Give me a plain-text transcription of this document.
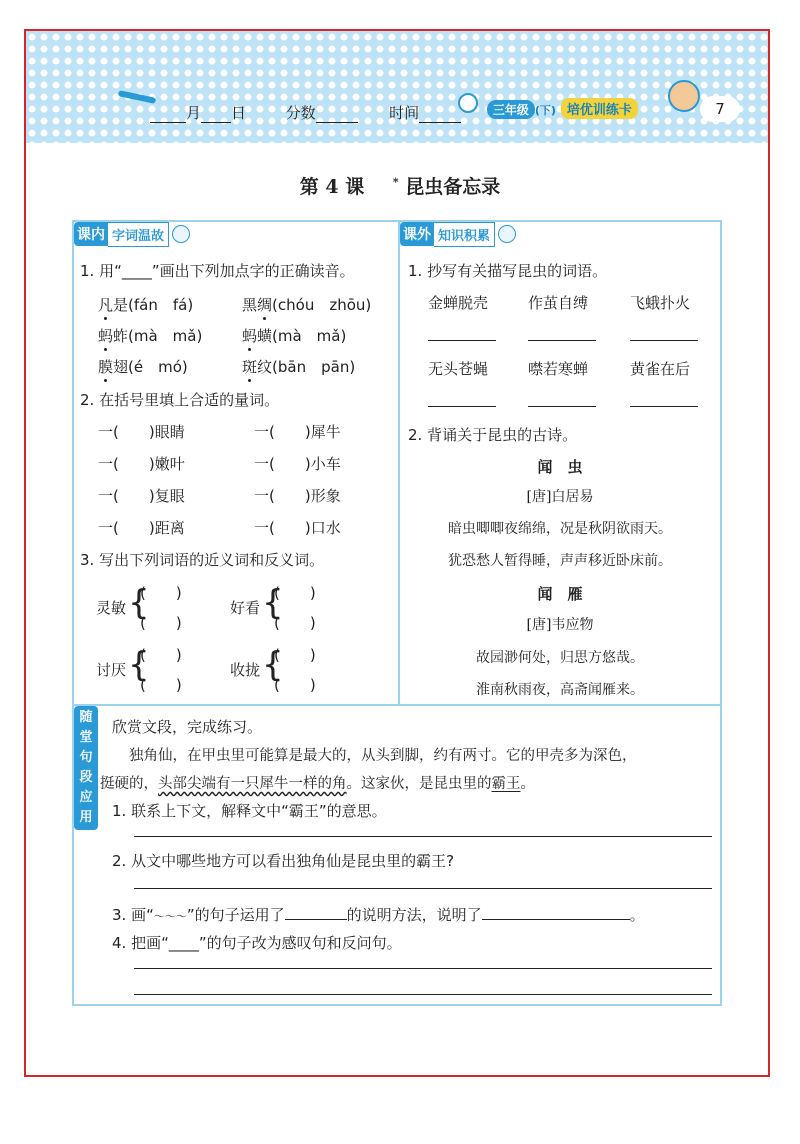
月 日	分数	时间	三年级 (下) 培优训练卡	7
第 4 课	* 昆虫备忘录
课内 字词温故
1. 用“____”画出下列加点字的正确读音。
凡是(fán　fá)	黑绸(chóu　zhōu)
蚂蚱(mà　mǎ)	蚂蟥(mà　mǎ)
膜翅(é　mó)	斑纹(bān　pān)
2. 在括号里填上合适的量词。
一(　　)眼睛	一(　　)犀牛
一(　　)嫩叶	一(　　)小车
一(　　)复眼	一(　　)形象
一(　　)距离	一(　　)口水
3. 写出下列词语的近义词和反义词。
灵敏 {
(　　)
(　　)
好看 {
(　　)
(　　)
讨厌 {
(　　)
(　　)
收拢 {
(　　)
(　　)
课外 知识积累
1. 抄写有关描写昆虫的词语。
金蝉脱壳	作茧自缚	飞蛾扑火
无头苍蝇	噤若寒蝉	黄雀在后
2. 背诵关于昆虫的古诗。
闻　虫
[唐]白居易
暗虫唧唧夜绵绵，况是秋阴欲雨天。
犹恐愁人暂得睡，声声移近卧床前。
闻　雁
[唐]韦应物
故园渺何处，归思方悠哉。
淮南秋雨夜，高斋闻雁来。
随
堂
句
段
应
用
欣赏文段，完成练习。
　　独角仙，在甲虫里可能算是最大的，从头到脚，约有两寸。它的甲壳多为深色，
挺硬的，头部尖端有一只犀牛一样的角。这家伙，是昆虫里的霸王。
1. 联系上下文，解释文中“霸王”的意思。
2. 从文中哪些地方可以看出独角仙是昆虫里的霸王?
3. 画“～～～”的句子运用了	的说明方法，说明了	。
4. 把画“____”的句子改为感叹句和反问句。
